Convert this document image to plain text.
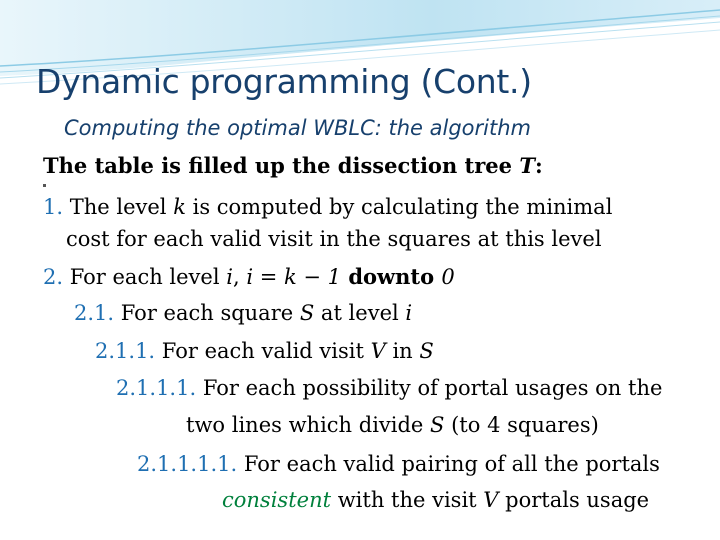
Dynamic programming (Cont.)
Computing the optimal WBLC: the algorithm
The table is filled up the dissection tree T:
1. The level k is computed by calculating the minimal
cost for each valid visit in the squares at this level
2. For each level i, i = k − 1 downto 0
2.1. For each square S at level i
2.1.1. For each valid visit V in S
2.1.1.1. For each possibility of portal usages on the
two lines which divide S (to 4 squares)
2.1.1.1.1. For each valid pairing of all the portals
consistent with the visit V portals usage
